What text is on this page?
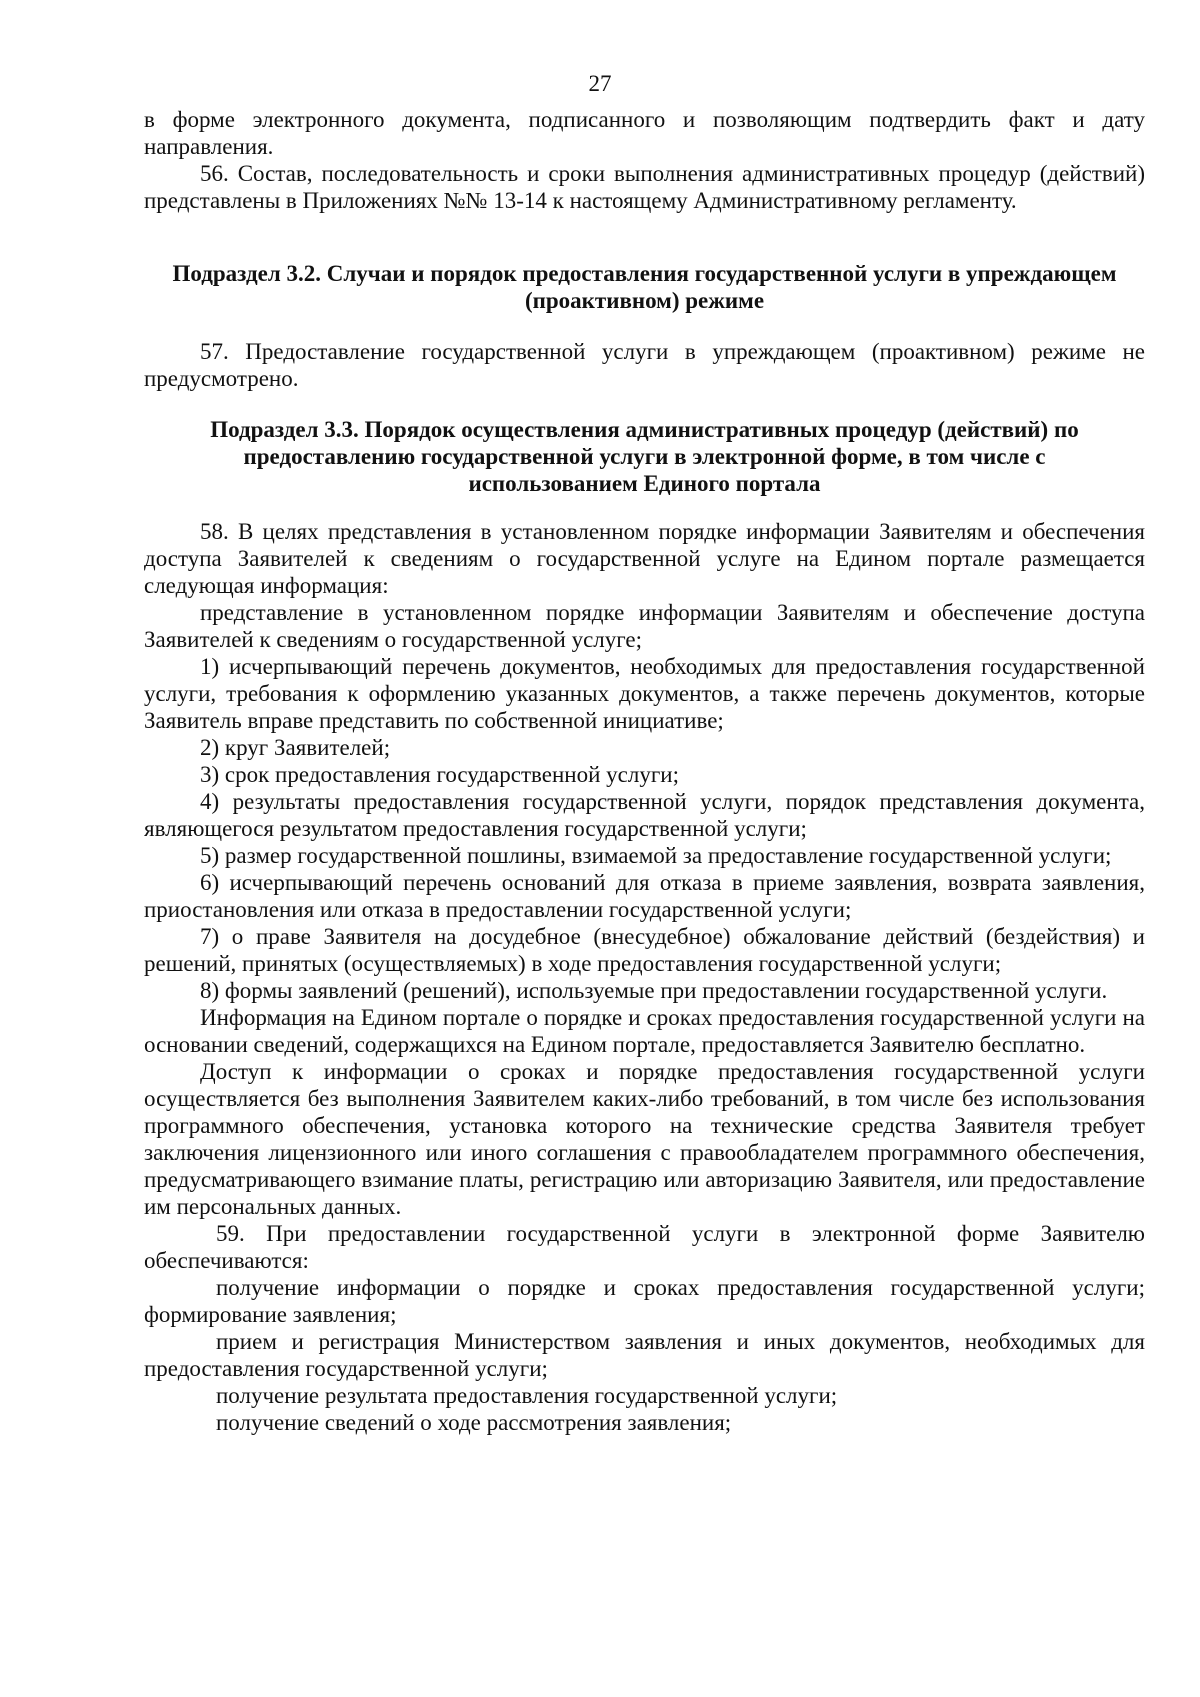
27

в форме электронного документа, подписанного и позволяющим подтвердить факт и дату направления.

56. Состав, последовательность и сроки выполнения административных процедур (действий) представлены в Приложениях №№ 13-14 к настоящему Административному регламенту.

Подраздел 3.2. Случаи и порядок предоставления государственной услуги в упреждающем (проактивном) режиме

57. Предоставление государственной услуги в упреждающем (проактивном) режиме не предусмотрено.

Подраздел 3.3. Порядок осуществления административных процедур (действий) по предоставлению государственной услуги в электронной форме, в том числе с использованием Единого портала

58. В целях представления в установленном порядке информации Заявителям и обеспечения доступа Заявителей к сведениям о государственной услуге на Едином портале размещается следующая информация:

представление в установленном порядке информации Заявителям и обеспечение доступа Заявителей к сведениям о государственной услуге;

1) исчерпывающий перечень документов, необходимых для предоставления государственной услуги, требования к оформлению указанных документов, а также перечень документов, которые Заявитель вправе представить по собственной инициативе;

2) круг Заявителей;

3) срок предоставления государственной услуги;

4) результаты предоставления государственной услуги, порядок представления документа, являющегося результатом предоставления государственной услуги;

5) размер государственной пошлины, взимаемой за предоставление государственной услуги;

6) исчерпывающий перечень оснований для отказа в приеме заявления, возврата заявления, приостановления или отказа в предоставлении государственной услуги;

7) о праве Заявителя на досудебное (внесудебное) обжалование действий (бездействия) и решений, принятых (осуществляемых) в ходе предоставления государственной услуги;

8) формы заявлений (решений), используемые при предоставлении государственной услуги.

Информация на Едином портале о порядке и сроках предоставления государственной услуги на основании сведений, содержащихся на Едином портале, предоставляется Заявителю бесплатно.

Доступ к информации о сроках и порядке предоставления государственной услуги осуществляется без выполнения Заявителем каких-либо требований, в том числе без использования программного обеспечения, установка которого на технические средства Заявителя требует заключения лицензионного или иного соглашения с правообладателем программного обеспечения, предусматривающего взимание платы, регистрацию или авторизацию Заявителя, или предоставление им персональных данных.

59. При предоставлении государственной услуги в электронной форме Заявителю обеспечиваются:

получение информации о порядке и сроках предоставления государственной услуги; формирование заявления;

прием и регистрация Министерством заявления и иных документов, необходимых для предоставления государственной услуги;

получение результата предоставления государственной услуги;

получение сведений о ходе рассмотрения заявления;
